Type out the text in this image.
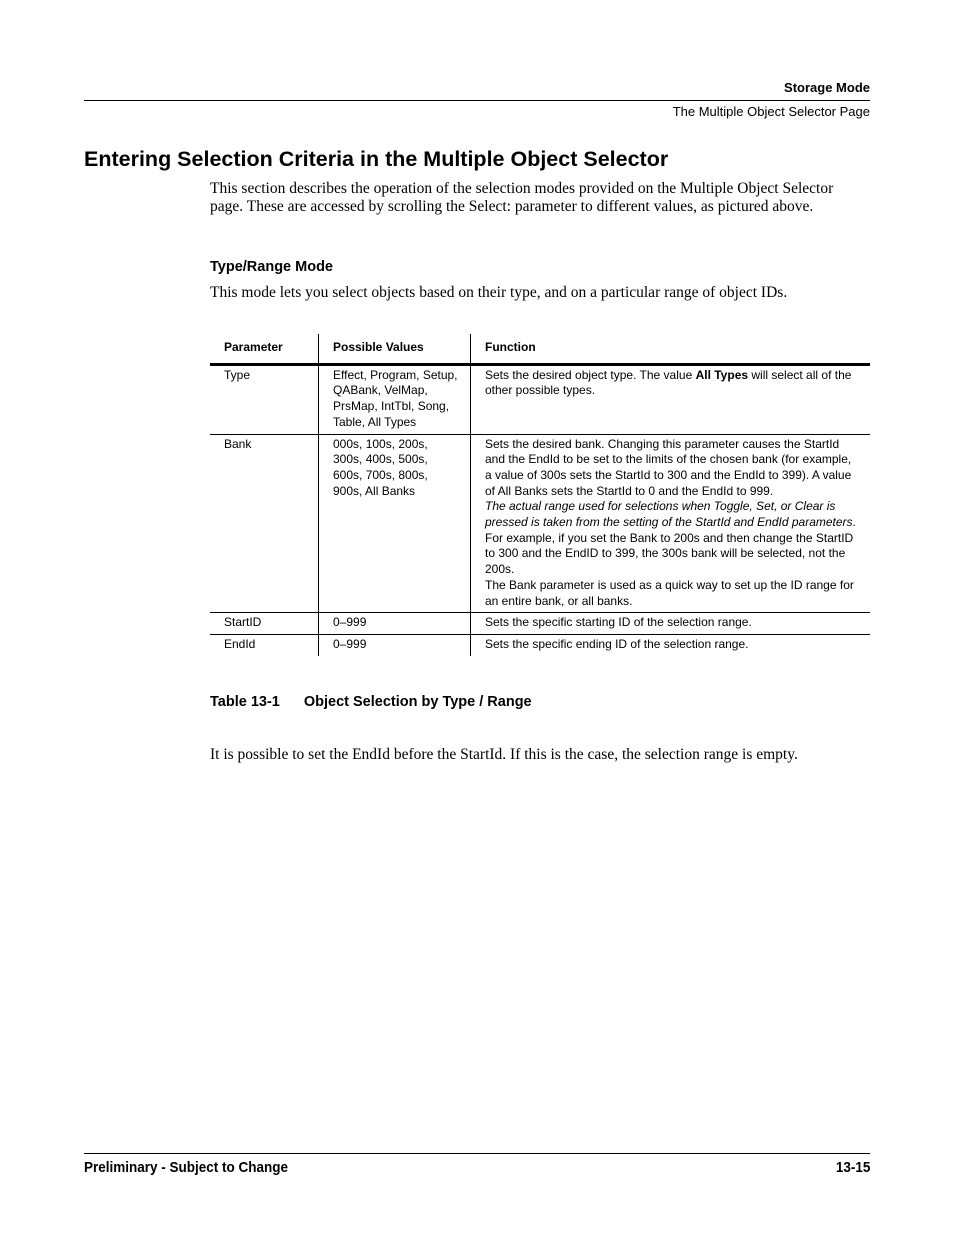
Storage Mode
The Multiple Object Selector Page
Entering Selection Criteria in the Multiple Object Selector
This section describes the operation of the selection modes provided on the Multiple Object Selector page. These are accessed by scrolling the Select: parameter to different values, as pictured above.
Type/Range Mode
This mode lets you select objects based on their type, and on a particular range of object IDs.
Parameter	Possible Values	Function
Type	Effect, Program, Setup, QABank, VelMap, PrsMap, IntTbl, Song, Table, All Types	Sets the desired object type. The value All Types will select all of the other possible types.
Bank	000s, 100s, 200s, 300s, 400s, 500s, 600s, 700s, 800s, 900s, All Banks	Sets the desired bank. Changing this parameter causes the StartId and the EndId to be set to the limits of the chosen bank (for example, a value of 300s sets the StartId to 300 and the EndId to 399). A value of All Banks sets the StartId to 0 and the EndId to 999.
The actual range used for selections when Toggle, Set, or Clear is pressed is taken from the setting of the StartId and EndId parameters. For example, if you set the Bank to 200s and then change the StartID to 300 and the EndID to 399, the 300s bank will be selected, not the 200s.
The Bank parameter is used as a quick way to set up the ID range for an entire bank, or all banks.

StartID	0–999	Sets the specific starting ID of the selection range.
EndId	0–999	Sets the specific ending ID of the selection range.
Table 13-1 Object Selection by Type / Range
It is possible to set the EndId before the StartId. If this is the case, the selection range is empty.
Preliminary - Subject to Change	13-15
